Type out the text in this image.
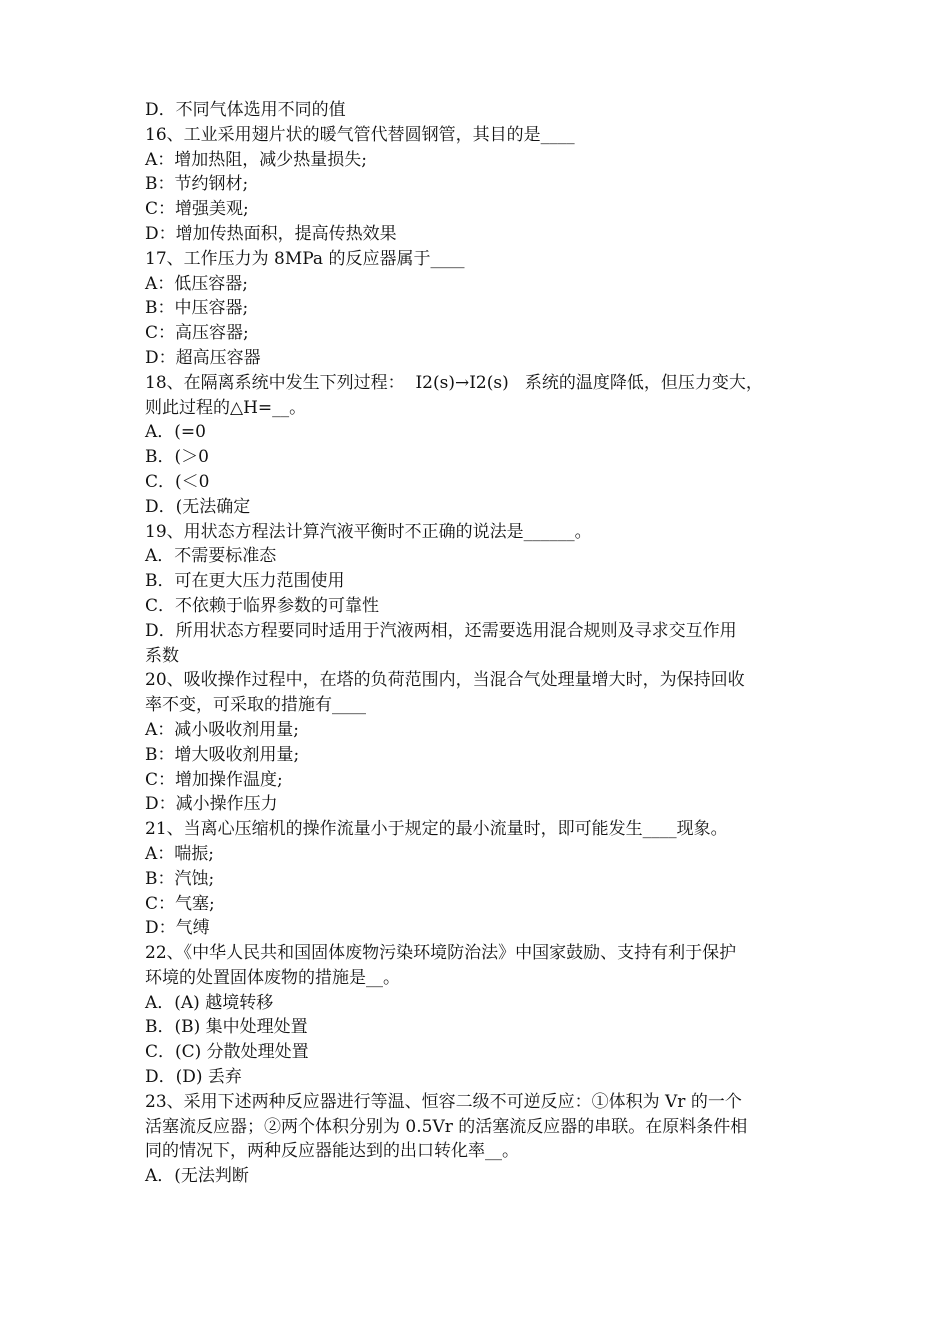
D．不同气体选用不同的值
16、工业采用翅片状的暖气管代替圆钢管，其目的是____
A：增加热阻，减少热量损失;
B：节约钢材;
C：增强美观;
D：增加传热面积，提高传热效果
17、工作压力为 8MPa 的反应器属于____
A：低压容器;
B：中压容器;
C：高压容器;
D：超高压容器
18、在隔离系统中发生下列过程：  I2(s)→I2(s)   系统的温度降低，但压力变大，
则此过程的△H=__。
A．(=0
B．(＞0
C．(＜0
D．(无法确定
19、用状态方程法计算汽液平衡时不正确的说法是______。
A．不需要标准态
B．可在更大压力范围使用
C．不依赖于临界参数的可靠性
D．所用状态方程要同时适用于汽液两相，还需要选用混合规则及寻求交互作用
系数
20、吸收操作过程中，在塔的负荷范围内，当混合气处理量增大时，为保持回收
率不变，可采取的措施有____
A：减小吸收剂用量;
B：增大吸收剂用量;
C：增加操作温度;
D：减小操作压力
21、当离心压缩机的操作流量小于规定的最小流量时，即可能发生____现象。
A：喘振;
B：汽蚀;
C：气塞;
D：气缚
22、《中华人民共和国固体废物污染环境防治法》中国家鼓励、支持有利于保护
环境的处置固体废物的措施是__。
A．(A) 越境转移
B．(B) 集中处理处置
C．(C) 分散处理处置
D．(D) 丢弃
23、采用下述两种反应器进行等温、恒容二级不可逆反应：①体积为 Vr 的一个
活塞流反应器；②两个体积分别为 0.5Vr 的活塞流反应器的串联。在原料条件相
同的情况下，两种反应器能达到的出口转化率__。
A．(无法判断
